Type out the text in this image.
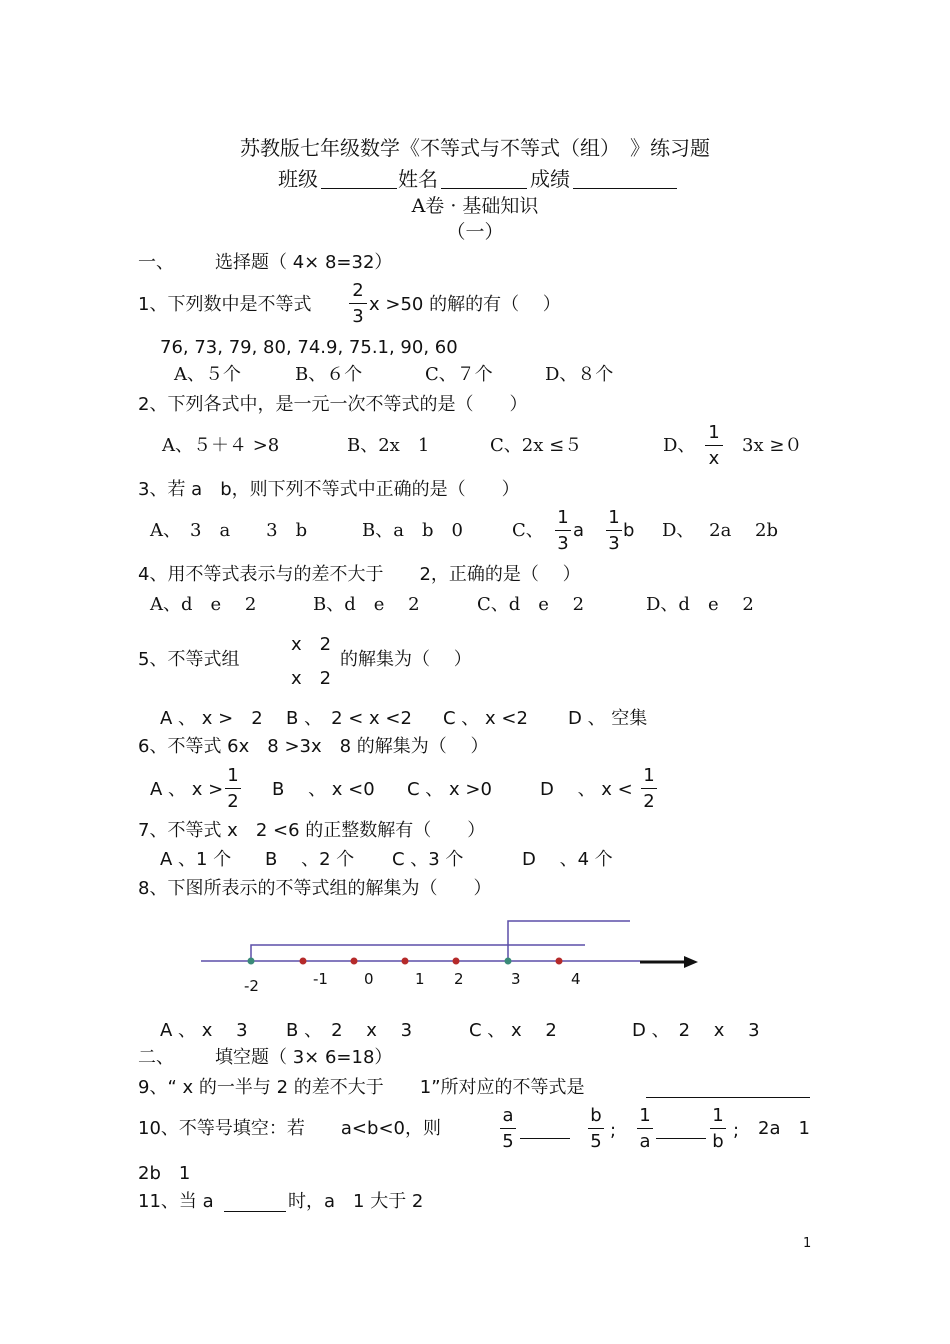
苏教版七年级数学《不等式与不等式（组）　》练习题
班级	姓名	成绩
A卷 · 基础知识
（一）
一、 选择题（ 4× 8=32）
1、下列数中是不等式
2
3
x >50 的解的有（　 ）
76, 73, 79, 80, 74.9, 75.1, 90, 60
A、５个	B、６个	C、７个	D、８个
2、下列各式中，是一元一次不等式的是（　　）
A、５＋４ >8	B、2x　1	C、2x ≤５	D、
1
x
3x ≥０
3、若 a　b，则下列不等式中正确的是（　　）
A、　3　a　　3　b	B、a　b　0	C、
1
3
a
1
3
b D、　 2a　 2b
4、用不等式表示与的差不大于　　2，正确的是（　 ）
A、d　e　 2	B、d　e　 2	C、d　e　 2	D、d　e　 2
5、不等式组
x　2
x　2
的解集为（　 ）
A 、 x >　2 B 、　2 < x <2 C 、 x <2 D 、 空集
6、不等式 6x　8 >3x　8 的解集为（　 ）
A 、 x >
1
2
B　 、 x <0 C 、 x >0	D　 、 x <
1
2
7、不等式 x　2 <6 的正整数解有（　　）
A 、1 个 B　 、2 个 C 、3 个	D　 、4 个
8、下图所表示的不等式组的解集为（　　）
-2	-1 0	1 2	3	4
A 、 x　 3 B 、　2　 x　 3	C 、 x　 2	D 、　2　 x　 3
二、 填空题（ 3× 6=18）
9、“ x 的一半与 2 的差不大于　　1”所对应的不等式是
10、不等号填空：若　　a<b<0，则
a
5
b
5
;
1
a
1
b
; 2a　1
2b　1
11、当 a	时，a　1 大于 2
1
